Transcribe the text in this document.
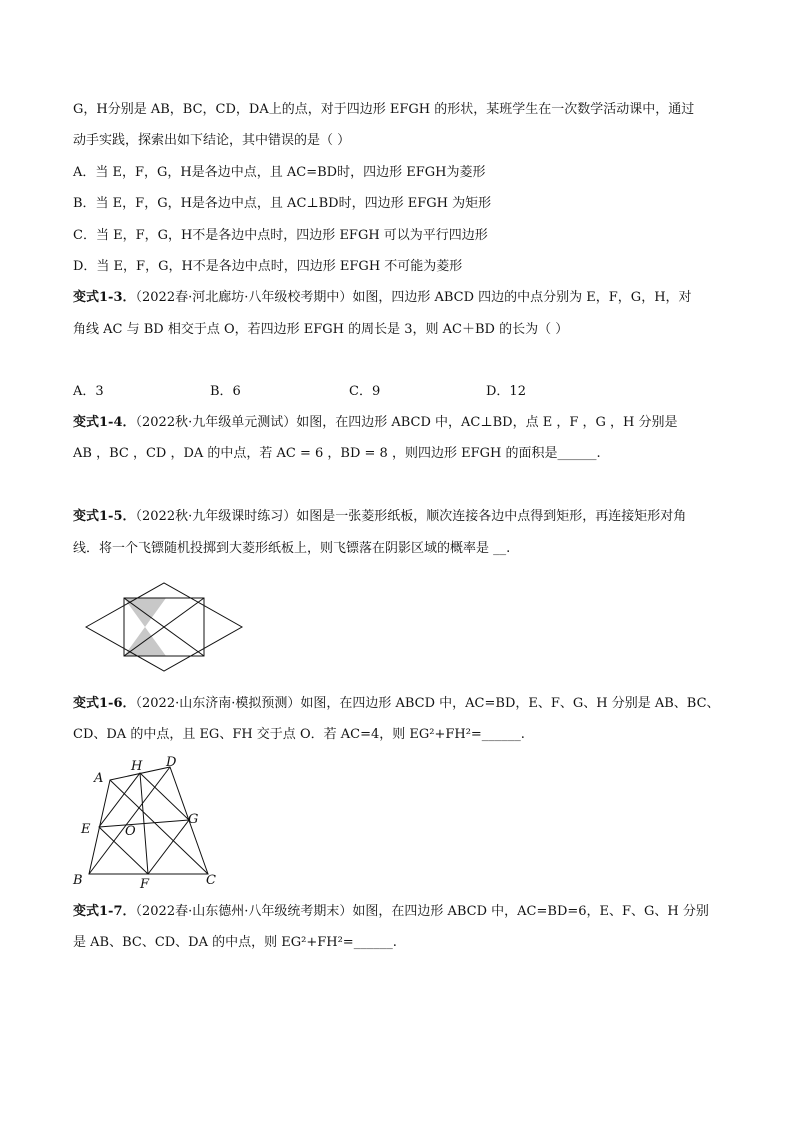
G，H分别是 AB，BC，CD，DA上的点，对于四边形 EFGH 的形状，某班学生在一次数学活动课中，通过
动手实践，探索出如下结论，其中错误的是（ ）
A．当 E，F，G，H是各边中点，且 AC=BD时，四边形 EFGH为菱形
B．当 E，F，G，H是各边中点，且 AC⊥BD时，四边形 EFGH 为矩形
C．当 E，F，G，H不是各边中点时，四边形 EFGH 可以为平行四边形
D．当 E，F，G，H不是各边中点时，四边形 EFGH 不可能为菱形
变式1-3．（2022春·河北廊坊·八年级校考期中）如图，四边形 ABCD 四边的中点分别为 E，F，G，H，对
角线 AC 与 BD 相交于点 O，若四边形 EFGH 的周长是 3，则 AC＋BD 的长为（ ）
A．3	B．6	C．9	D．12
变式1-4．（2022秋·九年级单元测试）如图，在四边形 ABCD 中，AC⊥BD，点 E ，F ，G ，H 分别是
AB ，BC ，CD ，DA 的中点，若 AC = 6 ，BD = 8 ，则四边形 EFGH 的面积是______.
变式1-5．（2022秋·九年级课时练习）如图是一张菱形纸板，顺次连接各边中点得到矩形，再连接矩形对角
线．将一个飞镖随机投掷到大菱形纸板上，则飞镖落在阴影区域的概率是 __.
变式1-6．（2022·山东济南·模拟预测）如图，在四边形 ABCD 中，AC=BD，E、F、G、H 分别是 AB、BC、
CD、DA 的中点，且 EG、FH 交于点 O．若 AC=4，则 EG²+FH²=______.
A
H D
E	O
G
B	F	C
变式1-7．（2022春·山东德州·八年级统考期末）如图，在四边形 ABCD 中，AC=BD=6，E、F、G、H 分别
是 AB、BC、CD、DA 的中点，则 EG²+FH²=______.
